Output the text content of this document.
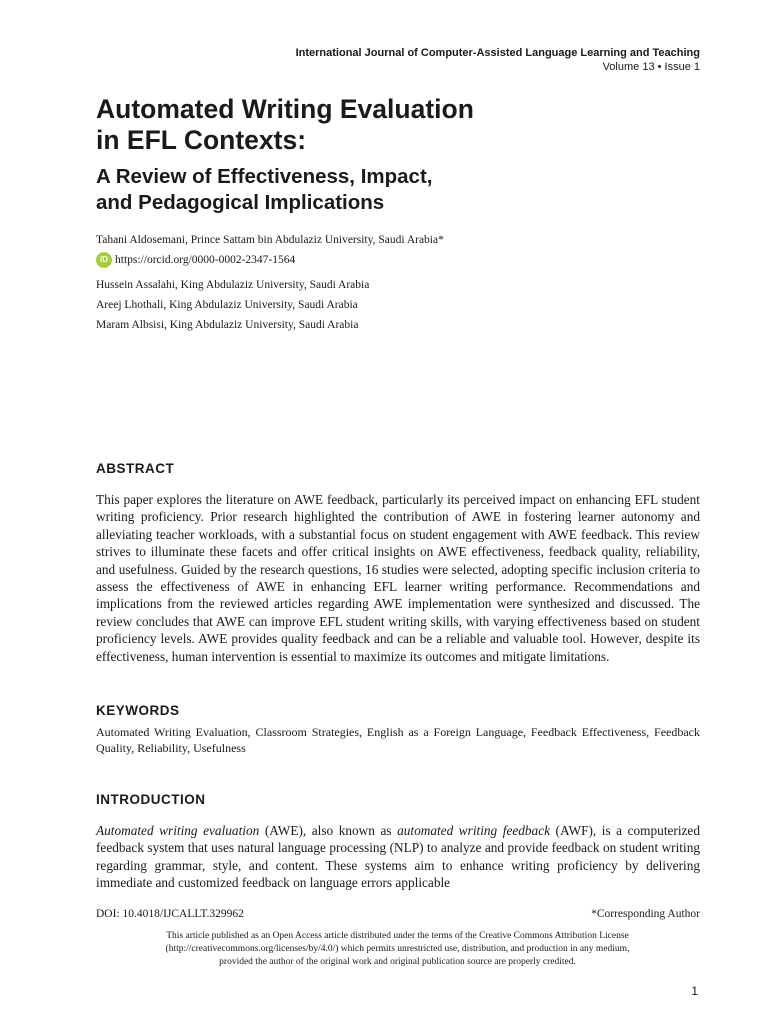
International Journal of Computer-Assisted Language Learning and Teaching
Volume 13 • Issue 1
Automated Writing Evaluation
in EFL Contexts:
A Review of Effectiveness, Impact,
and Pedagogical Implications
Tahani Aldosemani, Prince Sattam bin Abdulaziz University, Saudi Arabia*
iD https://orcid.org/0000-0002-2347-1564
Hussein Assalahi, King Abdulaziz University, Saudi Arabia
Areej Lhothali, King Abdulaziz University, Saudi Arabia
Maram Albsisi, King Abdulaziz University, Saudi Arabia
ABSTRACT

This paper explores the literature on AWE feedback, particularly its perceived impact on enhancing EFL student writing proficiency. Prior research highlighted the contribution of AWE in fostering learner autonomy and alleviating teacher workloads, with a substantial focus on student engagement with AWE feedback. This review strives to illuminate these facets and offer critical insights on AWE effectiveness, feedback quality, reliability, and usefulness. Guided by the research questions, 16 studies were selected, adopting specific inclusion criteria to assess the effectiveness of AWE in enhancing EFL learner writing performance. Recommendations and implications from the reviewed articles regarding AWE implementation were synthesized and discussed. The review concludes that AWE can improve EFL student writing skills, with varying effectiveness based on student proficiency levels. AWE provides quality feedback and can be a reliable and valuable tool. However, despite its effectiveness, human intervention is essential to maximize its outcomes and mitigate limitations.

KEYWORDS

Automated Writing Evaluation, Classroom Strategies, English as a Foreign Language, Feedback Effectiveness, Feedback Quality, Reliability, Usefulness

INTRODUCTION

Automated writing evaluation (AWE), also known as automated writing feedback (AWF), is a computerized feedback system that uses natural language processing (NLP) to analyze and provide feedback on student writing regarding grammar, style, and content. These systems aim to enhance writing proficiency by delivering immediate and customized feedback on language errors applicable

DOI: 10.4018/IJCALLT.329962	*Corresponding Author

This article published as an Open Access article distributed under the terms of the Creative Commons Attribution License
(http://creativecommons.org/licenses/by/4.0/) which permits unrestricted use, distribution, and production in any medium,
provided the author of the original work and original publication source are properly credited.

1
